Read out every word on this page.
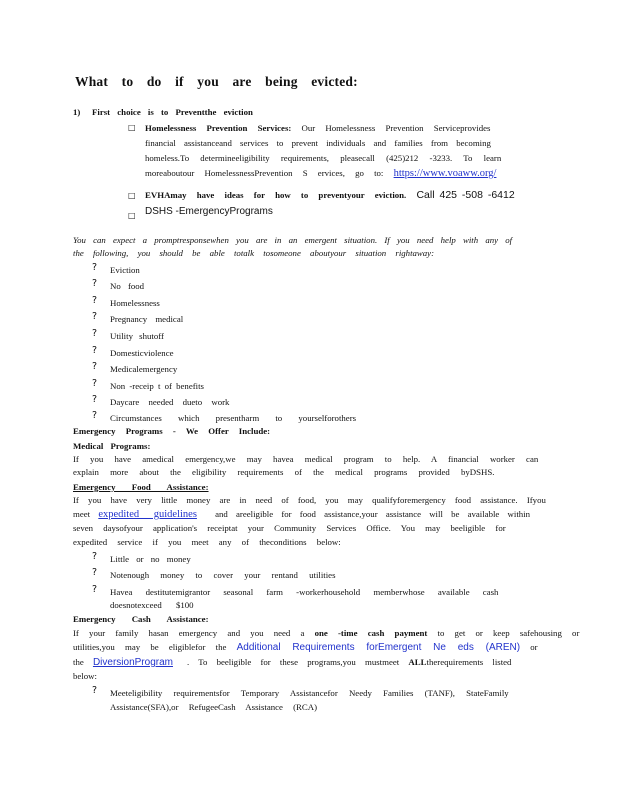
What to do if you are being evicted:
1) First choice is to Preventthe eviction
□ Homelessness Prevention Services: Our Homelessness Prevention Serviceprovides
financial assistanceand services to prevent individuals and families from becoming
homeless.To determineeligibility requirements, pleasecall (425)212 -3233. To learn
moreaboutour HomelessnessPrevention S ervices, go to: https://www.voaww.org/
□ EVHAmay have ideas for how to preventyour eviction. Call 425 -508 -6412
□ DSHS -EmergencyPrograms
You can expect a promptresponsewhen you are in an emergent situation. If you need help with any of
the following, you should be able totalk tosomeone aboutyour situation rightaway:
? Eviction
? No food
? Homelessness
? Pregnancy medical
? Utility shutoff
? Domesticviolence
? Medicalemergency
? Non -receip t of benefits
? Daycare needed dueto work
? Circumstances which presentharm to yourselforothers
Emergency Programs - We Offer Include:
Medical Programs:
If you have amedical emergency,we may havea medical program to help. A financial worker can
explain more about the eligibility requirements of the medical programs provided byDSHS.
Emergency Food Assistance:
If you have very little money are in need of food, you may qualifyforemergency food assistance. Ifyou
meet expedited guidelines and areeligible for food assistance,your assistance will be available within
seven daysofyour application's receiptat your Community Services Office. You may beeligible for
expedited service if you meet any of theconditions below:
? Little or no money
? Notenough money to cover your rentand utilities
? Havea destitutemigrantor seasonal farm -workerhousehold memberwhose available cash
doesnotexceed $100
Emergency Cash Assistance:
If your family hasan emergency and you need a one -time cash payment to get or keep safehousing or
utilities,you may be eligiblefor the Additional Requirements forEmergent Ne eds (AREN) or
the DiversionProgram . To beeligible for these programs,you mustmeet ALLtherequirements listed
below:
? Meeteligibility requirementsfor Temporary Assistancefor Needy Families (TANF), StateFamily
Assistance(SFA),or RefugeeCash Assistance (RCA)
